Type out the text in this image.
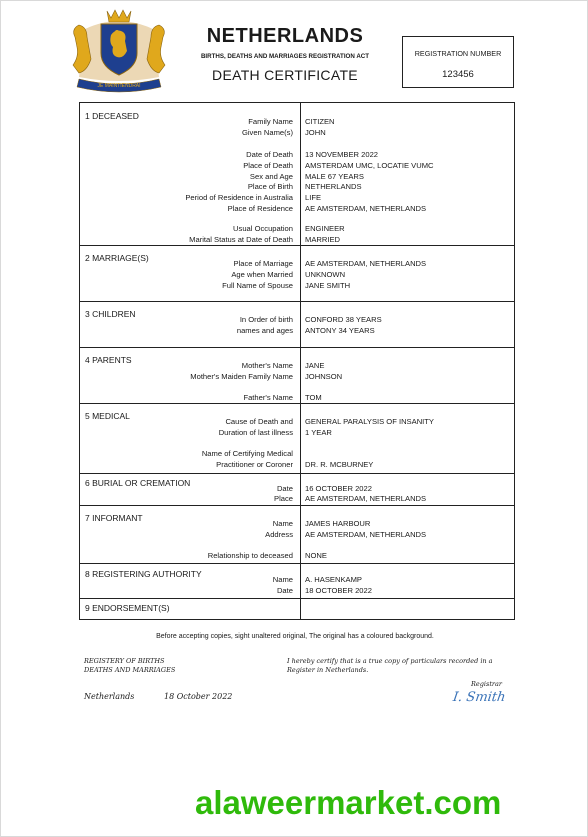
JE MAINTIENDRAI
NETHERLANDS
BIRTHS, DEATHS AND MARRIAGES REGISTRATION ACT
DEATH CERTIFICATE
REGISTRATION NUMBER
123456
1 DECEASED
Family Name CITIZEN
Given Name(s) JOHN
Date of Death 13 NOVEMBER 2022
Place of Death AMSTERDAM UMC, LOCATIE VUMC
Sex and Age MALE 67 YEARS
Place of Birth NETHERLANDS
Period of Residence in Australia LIFE
Place of Residence AE AMSTERDAM, NETHERLANDS
Usual Occupation ENGINEER
Marital Status at Date of Death MARRIED
2 MARRIAGE(S)
Place of Marriage AE AMSTERDAM, NETHERLANDS
Age when Married UNKNOWN
Full Name of Spouse JANE SMITH
3 CHILDREN
In Order of birth CONFORD 38 YEARS
names and ages ANTONY 34 YEARS
4 PARENTS
Mother's Name JANE
Mother's Maiden Family Name JOHNSON
Father's Name TOM
5 MEDICAL
Cause of Death and GENERAL PARALYSIS OF INSANITY
Duration of last illness 1 YEAR
Name of Certifying Medical
Practitioner or Coroner DR. R. MCBURNEY
6 BURIAL OR CREMATION
Date 16 OCTOBER 2022
Place AE AMSTERDAM, NETHERLANDS
7 INFORMANT
Name JAMES HARBOUR
Address AE AMSTERDAM, NETHERLANDS
Relationship to deceased NONE
8 REGISTERING AUTHORITY
Name A. HASENKAMP
Date 18 OCTOBER 2022
9 ENDORSEMENT(S)
Before accepting copies, sight unaltered original, The original has a coloured background.
REGISTERY OF BIRTHS
DEATHS AND MARRIAGES
I hereby certify that is a true copy of particulars recorded in a
Register in Netherlands.
Registrar
Netherlands	18 October 2022	I. Smith
alaweermarket.com
